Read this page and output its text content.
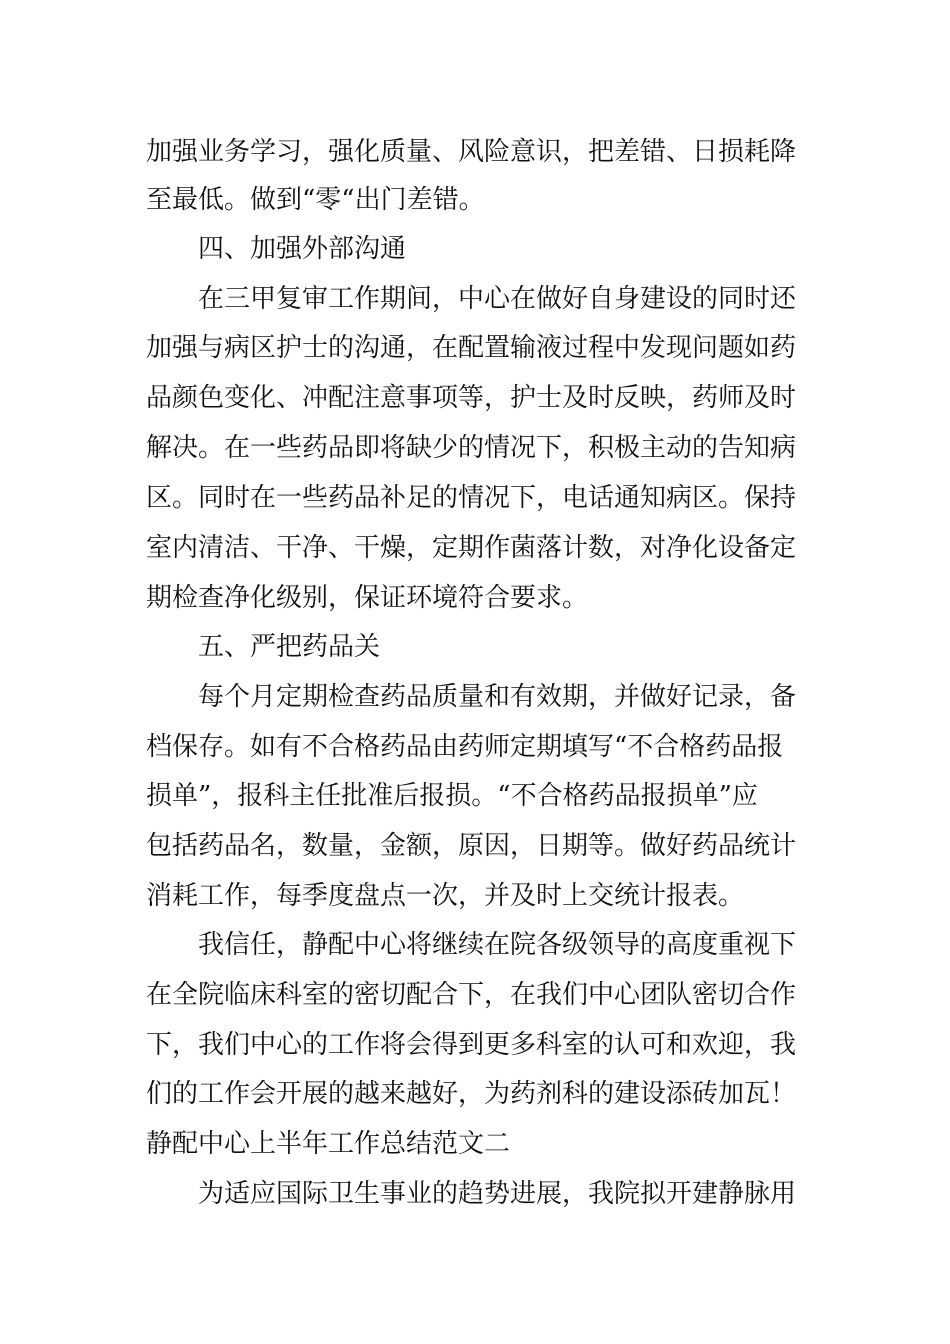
加强业务学习，强化质量、风险意识，把差错、日损耗降
至最低。做到“零“出门差错。
四、加强外部沟通
在三甲复审工作期间，中心在做好自身建设的同时还
加强与病区护士的沟通，在配置输液过程中发现问题如药
品颜色变化、冲配注意事项等，护士及时反映，药师及时
解决。在一些药品即将缺少的情况下，积极主动的告知病
区。同时在一些药品补足的情况下，电话通知病区。保持
室内清洁、干净、干燥，定期作菌落计数，对净化设备定
期检查净化级别，保证环境符合要求。
五、严把药品关
每个月定期检查药品质量和有效期，并做好记录，备
档保存。如有不合格药品由药师定期填写“不合格药品报
损单”，报科主任批准后报损。“不合格药品报损单”应
包括药品名，数量，金额，原因，日期等。做好药品统计
消耗工作，每季度盘点一次，并及时上交统计报表。
我信任，静配中心将继续在院各级领导的高度重视下
在全院临床科室的密切配合下，在我们中心团队密切合作
下，我们中心的工作将会得到更多科室的认可和欢迎，我
们的工作会开展的越来越好，为药剂科的建设添砖加瓦！
静配中心上半年工作总结范文二
为适应国际卫生事业的趋势进展，我院拟开建静脉用
